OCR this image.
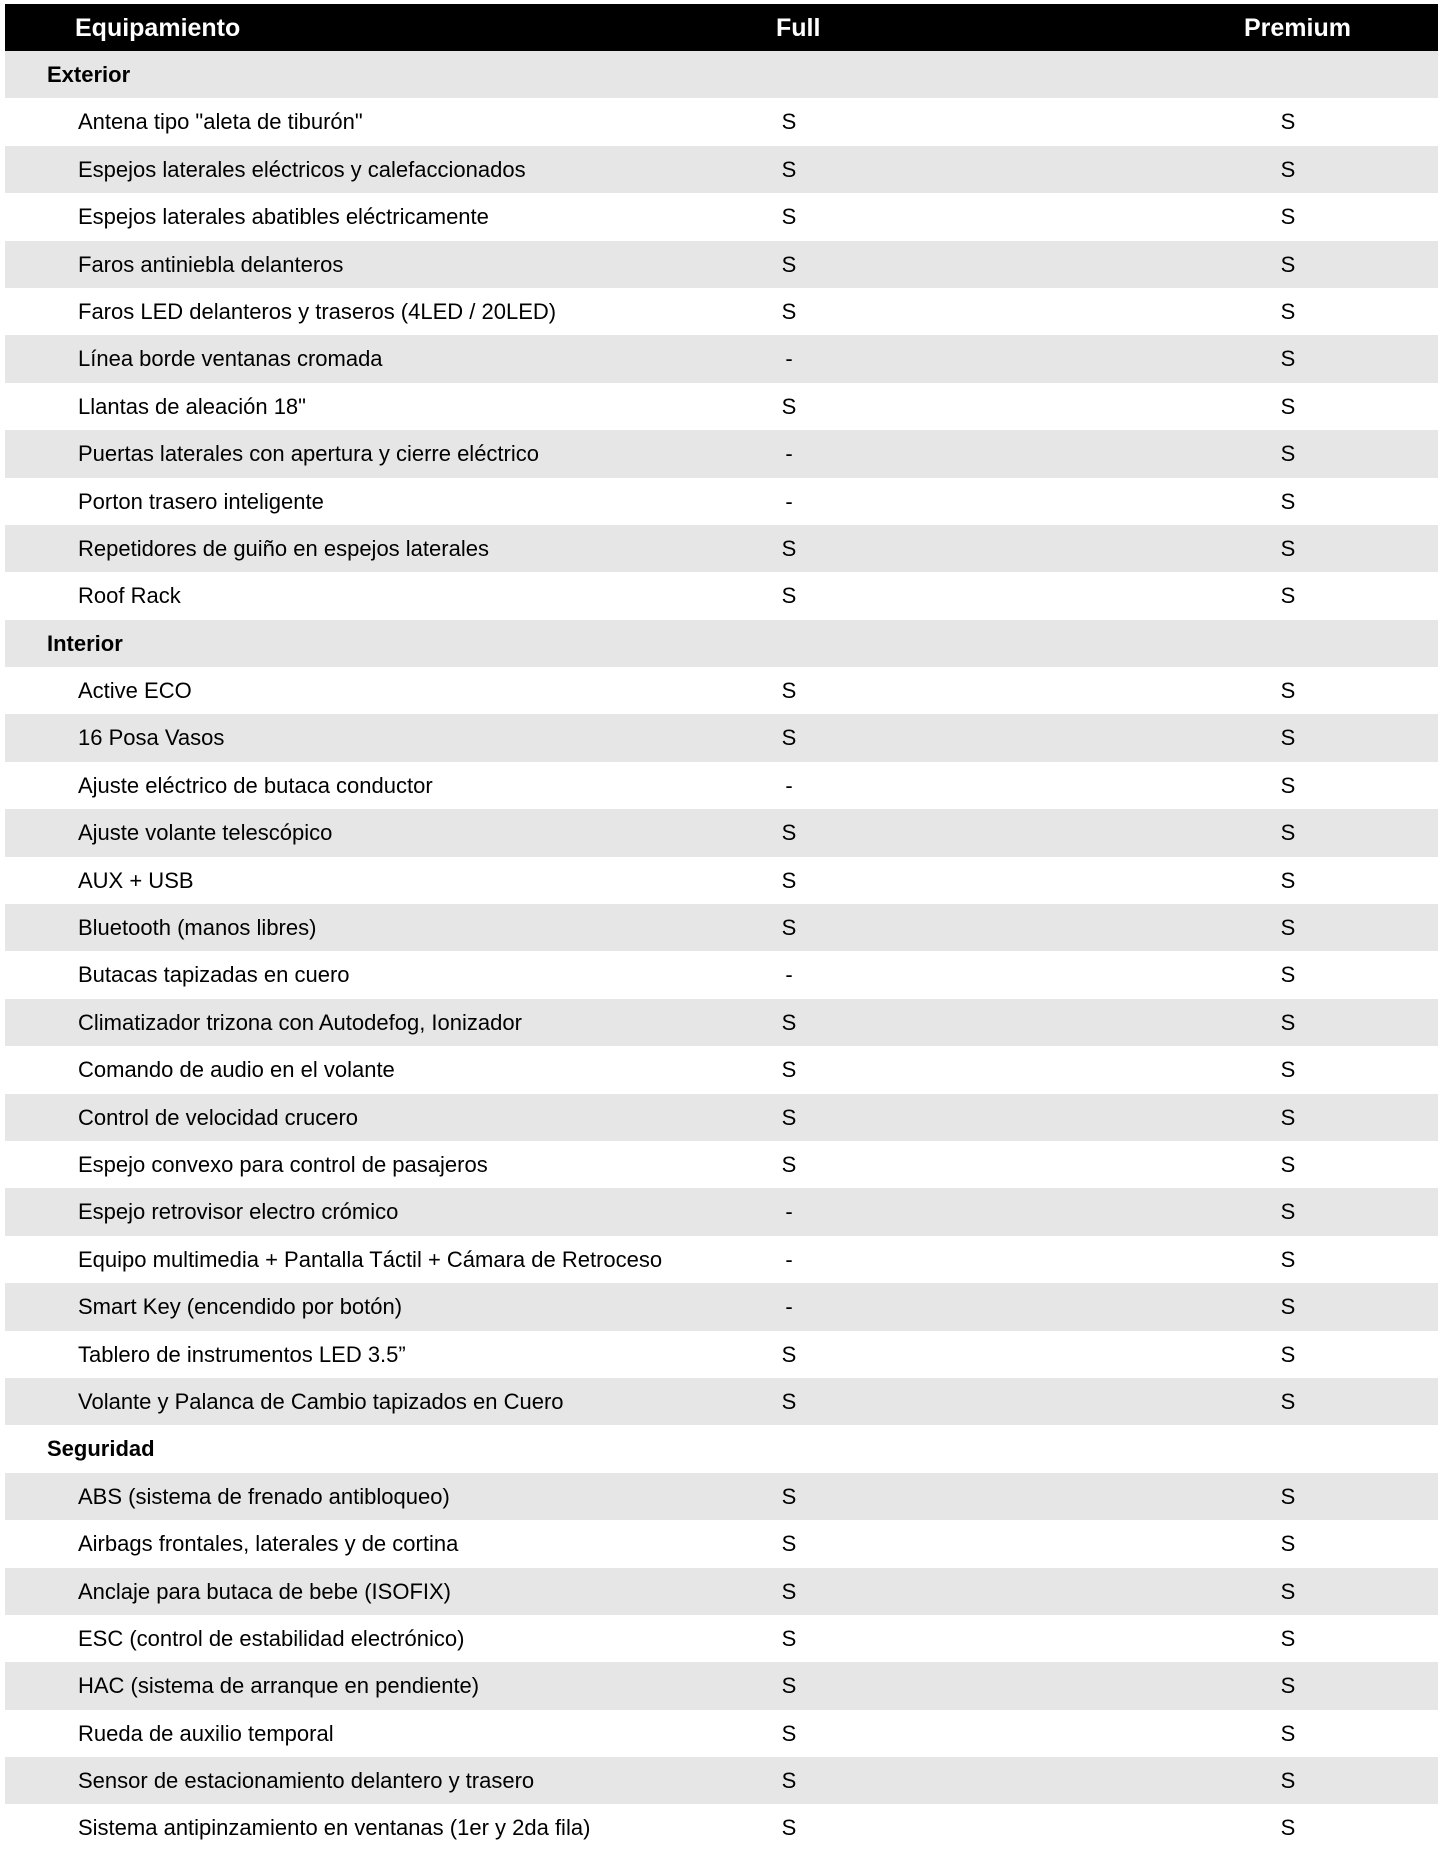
Equipamiento	Full	Premium
Exterior
Antena tipo "aleta de tiburón"	S	S
Espejos laterales eléctricos y calefaccionados	S	S
Espejos laterales abatibles eléctricamente	S	S
Faros antiniebla delanteros	S	S
Faros LED delanteros y traseros (4LED / 20LED)	S	S
Línea borde ventanas cromada	-	S
Llantas de aleación 18"	S	S
Puertas laterales con apertura y cierre eléctrico	-	S
Porton trasero inteligente	-	S
Repetidores de guiño en espejos laterales	S	S
Roof Rack	S	S
Interior
Active ECO	S	S
16 Posa Vasos	S	S
Ajuste eléctrico de butaca conductor	-	S
Ajuste volante telescópico	S	S
AUX + USB	S	S
Bluetooth (manos libres)	S	S
Butacas tapizadas en cuero	-	S
Climatizador trizona con Autodefog, Ionizador	S	S
Comando de audio en el volante	S	S
Control de velocidad crucero	S	S
Espejo convexo para control de pasajeros	S	S
Espejo retrovisor electro crómico	-	S
Equipo multimedia + Pantalla Táctil + Cámara de Retroceso	-	S
Smart Key (encendido por botón)	-	S
Tablero de instrumentos LED 3.5”	S	S
Volante y Palanca de Cambio tapizados en Cuero	S	S
Seguridad
ABS (sistema de frenado antibloqueo)	S	S
Airbags frontales, laterales y de cortina	S	S
Anclaje para butaca de bebe (ISOFIX)	S	S
ESC (control de estabilidad electrónico)	S	S
HAC (sistema de arranque en pendiente)	S	S
Rueda de auxilio temporal	S	S
Sensor de estacionamiento delantero y trasero	S	S
Sistema antipinzamiento en ventanas (1er y 2da fila)	S	S
